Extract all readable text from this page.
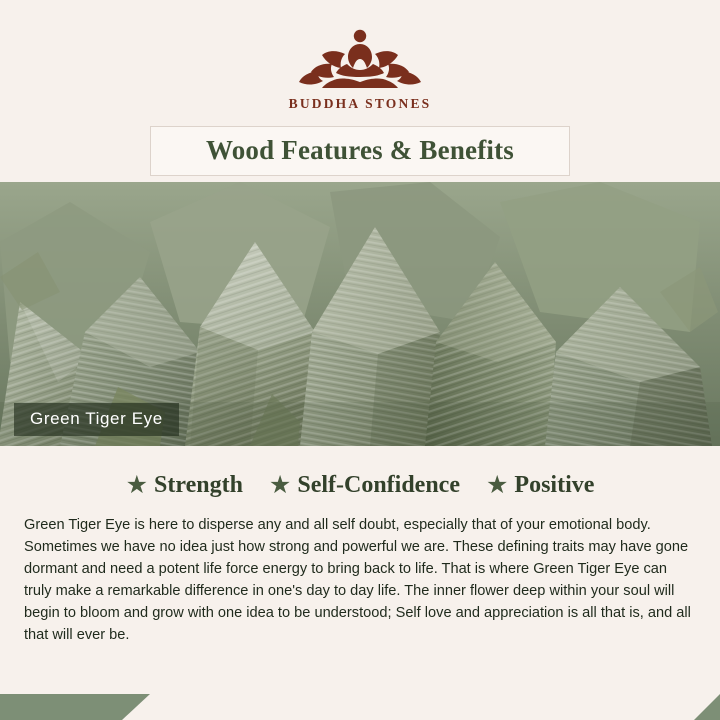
BUDDHA STONES
Wood Features & Benefits
Green Tiger Eye
★ Strength ★ Self-Confidence ★ Positive

Green Tiger Eye is here to disperse any and all self doubt, especially that of your emotional body. Sometimes we have no idea just how strong and powerful we are. These defining traits may have gone dormant and need a potent life force energy to bring back to life. That is where Green Tiger Eye can truly make a remarkable difference in one's day to day life. The inner flower deep within your soul will begin to bloom and grow with one idea to be understood; Self love and appreciation is all that is, and all that will ever be.
